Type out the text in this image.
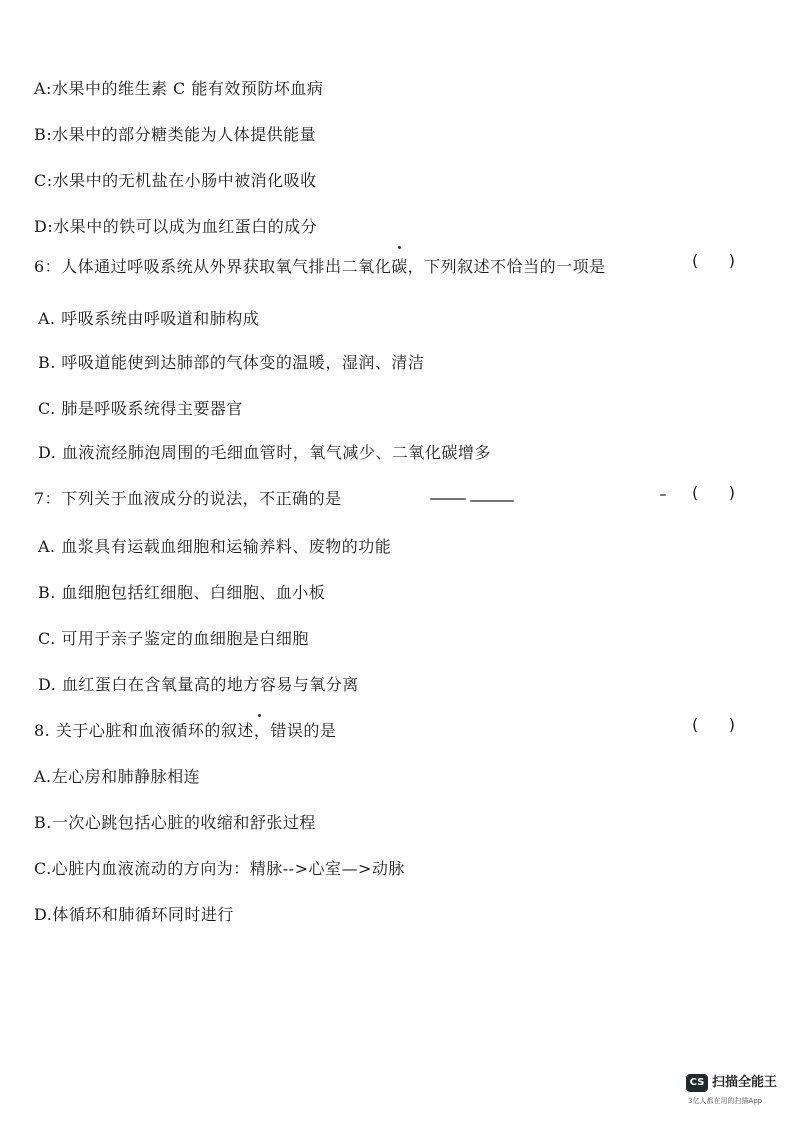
A:水果中的维生素 C 能有效预防坏血病
B:水果中的部分糖类能为人体提供能量
C:水果中的无机盐在小肠中被消化吸收
D:水果中的铁可以成为血红蛋白的成分
6：人体通过呼吸系统从外界获取氧气排出二氧化碳，下列叙述不恰当的一项是	(      )
A. 呼吸系统由呼吸道和肺构成
B. 呼吸道能使到达肺部的气体变的温暖，湿润、清洁
C. 肺是呼吸系统得主要器官
D. 血液流经肺泡周围的毛细血管时，氧气减少、二氧化碳增多
7：下列关于血液成分的说法，不正确的是	(      )
A. 血浆具有运载血细胞和运输养料、废物的功能
B. 血细胞包括红细胞、白细胞、血小板
C. 可用于亲子鉴定的血细胞是白细胞
D. 血红蛋白在含氧量高的地方容易与氧分离
8. 关于心脏和血液循环的叙述，错误的是	(      )
A.左心房和肺静脉相连
B.一次心跳包括心脏的收缩和舒张过程
C.心脏内血液流动的方向为：精脉-->心室—>动脉
D.体循环和肺循环同时进行
CS 扫描全能王
3亿人都在用的扫描App
